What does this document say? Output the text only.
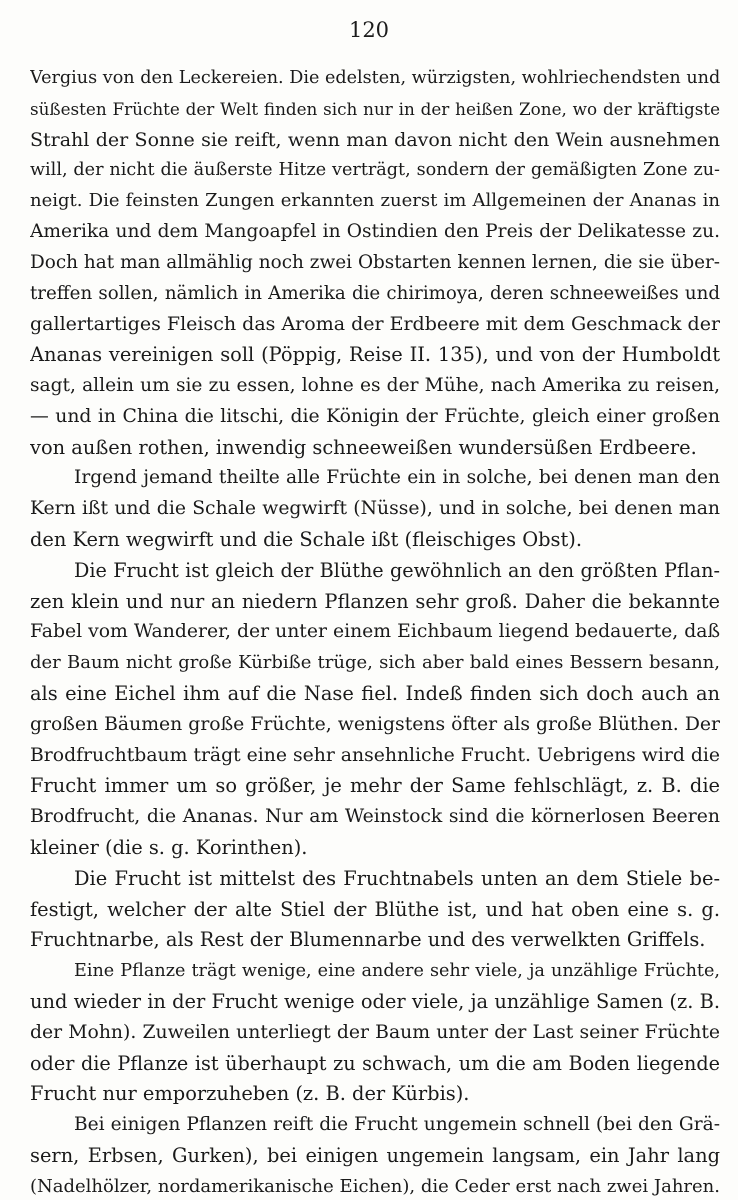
120
Vergius von den Leckereien. Die edelsten, würzigsten, wohlriechendsten und
süßesten Früchte der Welt finden sich nur in der heißen Zone, wo der kräftigste
Strahl der Sonne sie reift, wenn man davon nicht den Wein ausnehmen
will, der nicht die äußerste Hitze verträgt, sondern der gemäßigten Zone zu-
neigt. Die feinsten Zungen erkannten zuerst im Allgemeinen der Ananas in
Amerika und dem Mangoapfel in Ostindien den Preis der Delikatesse zu.
Doch hat man allmählig noch zwei Obstarten kennen lernen, die sie über-
treffen sollen, nämlich in Amerika die chirimoya, deren schneeweißes und
gallertartiges Fleisch das Aroma der Erdbeere mit dem Geschmack der
Ananas vereinigen soll (Pöppig, Reise II. 135), und von der Humboldt
sagt, allein um sie zu essen, lohne es der Mühe, nach Amerika zu reisen,
— und in China die litschi, die Königin der Früchte, gleich einer großen
von außen rothen, inwendig schneeweißen wundersüßen Erdbeere.
Irgend jemand theilte alle Früchte ein in solche, bei denen man den
Kern ißt und die Schale wegwirft (Nüsse), und in solche, bei denen man
den Kern wegwirft und die Schale ißt (fleischiges Obst).
Die Frucht ist gleich der Blüthe gewöhnlich an den größten Pflan-
zen klein und nur an niedern Pflanzen sehr groß. Daher die bekannte
Fabel vom Wanderer, der unter einem Eichbaum liegend bedauerte, daß
der Baum nicht große Kürbiße trüge, sich aber bald eines Bessern besann,
als eine Eichel ihm auf die Nase fiel. Indeß finden sich doch auch an
großen Bäumen große Früchte, wenigstens öfter als große Blüthen. Der
Brodfruchtbaum trägt eine sehr ansehnliche Frucht. Uebrigens wird die
Frucht immer um so größer, je mehr der Same fehlschlägt, z. B. die
Brodfrucht, die Ananas. Nur am Weinstock sind die körnerlosen Beeren
kleiner (die s. g. Korinthen).
Die Frucht ist mittelst des Fruchtnabels unten an dem Stiele be-
festigt, welcher der alte Stiel der Blüthe ist, und hat oben eine s. g.
Fruchtnarbe, als Rest der Blumennarbe und des verwelkten Griffels.
Eine Pflanze trägt wenige, eine andere sehr viele, ja unzählige Früchte,
und wieder in der Frucht wenige oder viele, ja unzählige Samen (z. B.
der Mohn). Zuweilen unterliegt der Baum unter der Last seiner Früchte
oder die Pflanze ist überhaupt zu schwach, um die am Boden liegende
Frucht nur emporzuheben (z. B. der Kürbis).
Bei einigen Pflanzen reift die Frucht ungemein schnell (bei den Grä-
sern, Erbsen, Gurken), bei einigen ungemein langsam, ein Jahr lang
(Nadelhölzer, nordamerikanische Eichen), die Ceder erst nach zwei Jahren.
